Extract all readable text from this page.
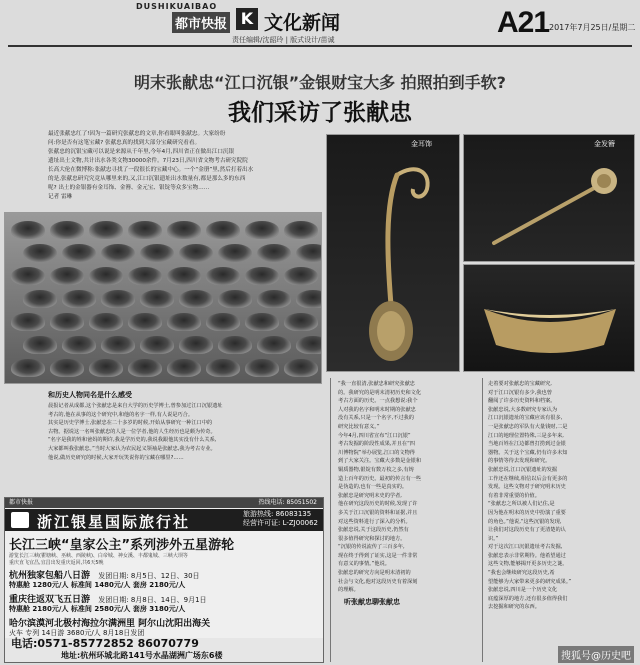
DUSHIKUAIBAO
都市快报 K 文化新闻
责任编辑/沈韶玲 | 版式设计/苗诚
A21 2017年7月25日/星期二
明末张献忠“江口沉银”金银财宝大多 拍照拍到手软?
我们采访了张献忠
最近张献忠红了!因为一篇研究张献忠的文章,你看眼叫张献忠。大家纷纷
问:你是否有这笔宝藏? 张献忠真的找到大部分宝藏研究看看。
张献忠的沉银宝藏可以说是来源从千年里,今年4月,四川省正在做出江口沉银
遗址出土文物,共计出水各类文物30000余件。7月23日,四川省文物考古研究院院
长高大伦在微博称:张献忠寻找了一段很长的宝藏中心。一个“金册”里,然后打着出水
的是,张献忠研究究竟从哪里来的,又,江口沉银遗址出水数量有,都是那么多的东西
呢? 出土的金银器有金耳饰、金簪、金元宝、银锭等众多宝物……
记者 雷琳
金耳饰	金发簪
和历史人物同名是什么感受
晨报记者从成都,这个张献忠是来自大学的历史学博士,曾参加过江口沉银遗址
考古的,他在从事的这个研究中,和他的名字一样,有人说是巧合。
其实是历史学博士,张献忠在二十多岁的时候,开始从事研究一种江口中的
古物。据说这一名叫张献忠的人是一位学者,他的人生经历也是颇为传奇。
“名字是我的姓和爸妈的期许,我是学历史的,我说我跟他其实没有什么关系,
大家都叫我张献忠。”当时大家认为农民起义领袖是张献忠,我为考古专业。
他说,做历史研究的时候,大家开玩笑说你的宝藏在哪里?……
“我一直很清,张献忠和研究张献忠
的。我研究的是明末清初历史和文化
考古方面的历史。一点我想说:我个
人对我的名字和明末时期的张献忠
没有关系,只是一个名字,不过我的
研究比较有意义。”
今年4月,四川省宣布“江口沉银”
考古发掘的阶段性成果,并且在“四
川博物院”举办展览,江口的文物得
到了大家关注。宝藏大多数是金银和
铜质器物,银锭有数万枚之多,有铸
造上百年的历史。最初的传言有一些
是伪造的,也有一些是真实的。
张献忠是研究明末史的学者,
他在研究这段历史的时候,发现了许
多关于江口沉银的资料和证据,并且
对这些资料进行了深入的分析。
张献忠说,关于这段历史,仍然有
很多值得研究和探讨的地方。
“沉银的传说流传了三百多年,
现在终于得到了证实,这是一件非常
有意义的事情。”他说。
张献忠的研究方向是明末清初的
社会与文化,他对这段历史有着深刻
的理解。
听张献忠聊张献忠
走着要对张献忠的宝藏研究,
对于江口沉银有多少,我也曾
翻阅了许多历史资料和档案。
张献忠说,大多数研究专家认为
江口沉银遗址的宝藏应该有很多,
一是张献忠的军队有大量钱财,二是
江口的地理位置特殊,三是多年来,
当地百姓在江边都曾打捞到过金银
器物。关于这个宝藏,仍有许多未知
的事情等待去发现和研究。
张献忠说,江口沉银遗址的发掘
工作还在继续,相信以后会有更多的
发现。这些文物对于研究明末历史
有着非常重要的价值。
“张献忠之所以被人们记住,是
因为他在明末的历史中扮演了重要
的角色。”他说,“这些沉银的发现,
让我们对这段历史有了更清楚的认
识。”
对于这次江口沉银遗址考古发掘,
张献忠表示非常期待。他希望通过
这些文物,能够揭开更多历史之谜。
“我也会继续研究这段历史,希
望能够为大家带来更多的研究成果。”
张献忠说,四川是一个历史文化
底蕴深厚的地方,还有很多值得我们
去挖掘和研究的东西。
都市快报	热线电话: 85051502
浙江银星国际旅行社	旅游热线: 86083135
经营许可证: L-ZJ00062
长江三峡“皇家公主”系列涉外五星游轮
游览长江三峡(瞿塘峡、巫峡、西陵峡)、白帝城、神女溪、丰都鬼城、三峡大坝等
重庆直飞宜昌,宜昌出发重庆返回,共6天5晚
杭州独家包船八日游 发团日期: 8月5日、12日、30日
特惠舱 1280元/人 标准间 1480元/人 套房 2180元/人
重庆往返双飞五日游 发团日期: 8月8日、14日、9月1日
特惠舱 2180元/人 标准间 2580元/人 套房 3180元/人
哈尔滨漠河北极村海拉尔满洲里 阿尔山沈阳出海关
火车 专列 14日游 3680元/人 8月18日发团
电话:0571-85772852 86070779
地址:杭州环城北路141号水晶湖洲广场东6楼	搜狐号@历史吧
